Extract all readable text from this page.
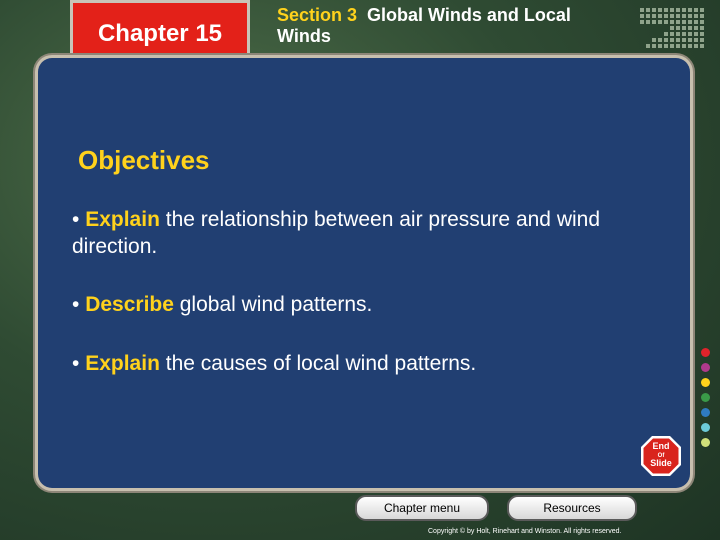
Chapter 15
Section 3 Global Winds and Local Winds
Objectives
• Explain the relationship between air pressure and wind direction.
• Describe global wind patterns.
• Explain the causes of local wind patterns.
End
Of
Slide
Chapter menu	Resources
Copyright © by Holt, Rinehart and Winston. All rights reserved.
